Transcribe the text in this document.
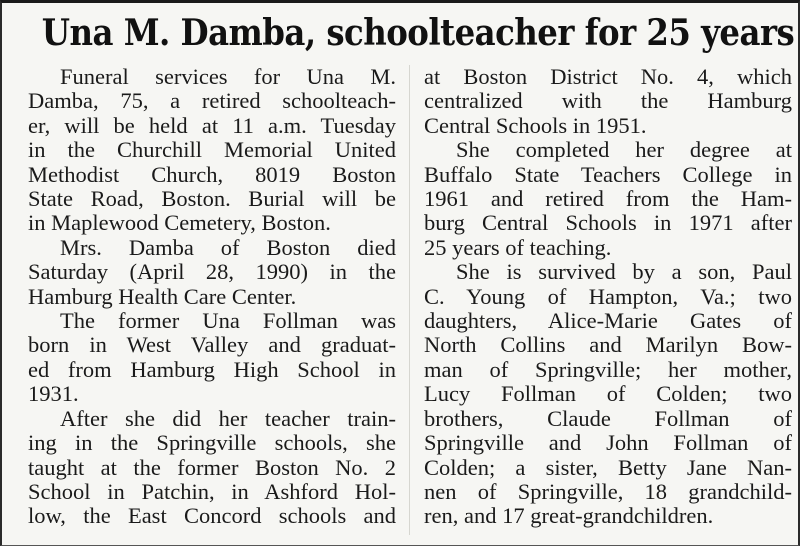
Una M. Damba, schoolteacher for 25 years
Funeral services for Una M.
Damba, 75, a retired schoolteach-
er, will be held at 11 a.m. Tuesday
in the Churchill Memorial United
Methodist Church, 8019 Boston
State Road, Boston. Burial will be
in Maplewood Cemetery, Boston.
Mrs. Damba of Boston died
Saturday (April 28, 1990) in the
Hamburg Health Care Center.
The former Una Follman was
born in West Valley and graduat-
ed from Hamburg High School in
1931.
After she did her teacher train-
ing in the Springville schools, she
taught at the former Boston No. 2
School in Patchin, in Ashford Hol-
low, the East Concord schools and
at Boston District No. 4, which
centralized with the Hamburg
Central Schools in 1951.
She completed her degree at
Buffalo State Teachers College in
1961 and retired from the Ham-
burg Central Schools in 1971 after
25 years of teaching.
She is survived by a son, Paul
C. Young of Hampton, Va.; two
daughters, Alice-Marie Gates of
North Collins and Marilyn Bow-
man of Springville; her mother,
Lucy Follman of Colden; two
brothers, Claude Follman of
Springville and John Follman of
Colden; a sister, Betty Jane Nan-
nen of Springville, 18 grandchild-
ren, and 17 great-grandchildren.
